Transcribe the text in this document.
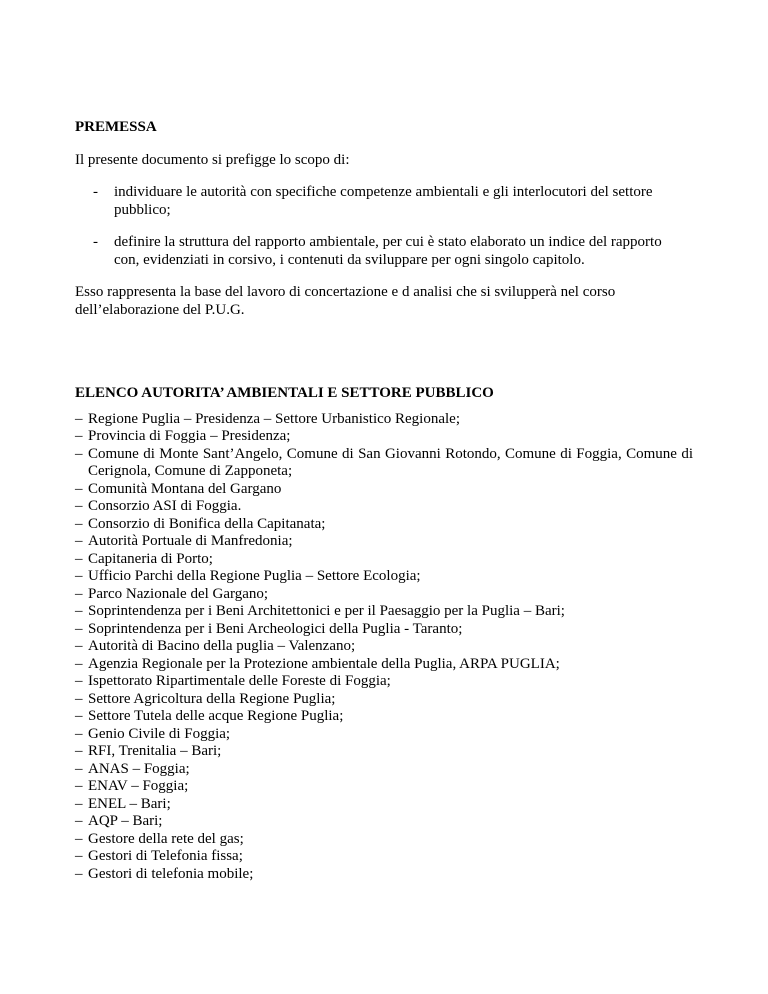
PREMESSA

Il presente documento si prefigge lo scopo di:

- individuare le autorità con specifiche competenze ambientali e gli interlocutori del settore pubblico;
- definire la struttura del rapporto ambientale, per cui è stato elaborato un indice del rapporto con, evidenziati in corsivo, i contenuti da sviluppare per ogni singolo capitolo.

Esso rappresenta la base del lavoro di concertazione e d analisi che si svilupperà nel corso dell’elaborazione del P.U.G.

ELENCO AUTORITA’ AMBIENTALI E SETTORE PUBBLICO
– Regione Puglia – Presidenza – Settore Urbanistico Regionale;
– Provincia di Foggia – Presidenza;
– Comune di Monte Sant’Angelo, Comune di San Giovanni Rotondo, Comune di Foggia, Comune di Cerignola, Comune di Zapponeta;
– Comunità Montana del Gargano
– Consorzio ASI di Foggia.
– Consorzio di Bonifica della Capitanata;
– Autorità Portuale di Manfredonia;
– Capitaneria di Porto;
– Ufficio Parchi della Regione Puglia – Settore Ecologia;
– Parco Nazionale del Gargano;
– Soprintendenza per i Beni Architettonici e per il Paesaggio per la Puglia – Bari;
– Soprintendenza per i Beni Archeologici della Puglia - Taranto;
– Autorità di Bacino della puglia – Valenzano;
– Agenzia Regionale per la Protezione ambientale della Puglia, ARPA PUGLIA;
– Ispettorato Ripartimentale delle Foreste di Foggia;
– Settore Agricoltura della Regione Puglia;
– Settore Tutela delle acque Regione Puglia;
– Genio Civile di Foggia;
– RFI, Trenitalia – Bari;
– ANAS – Foggia;
– ENAV – Foggia;
– ENEL – Bari;
– AQP – Bari;
– Gestore della rete del gas;
– Gestori di Telefonia fissa;
– Gestori di telefonia mobile;
